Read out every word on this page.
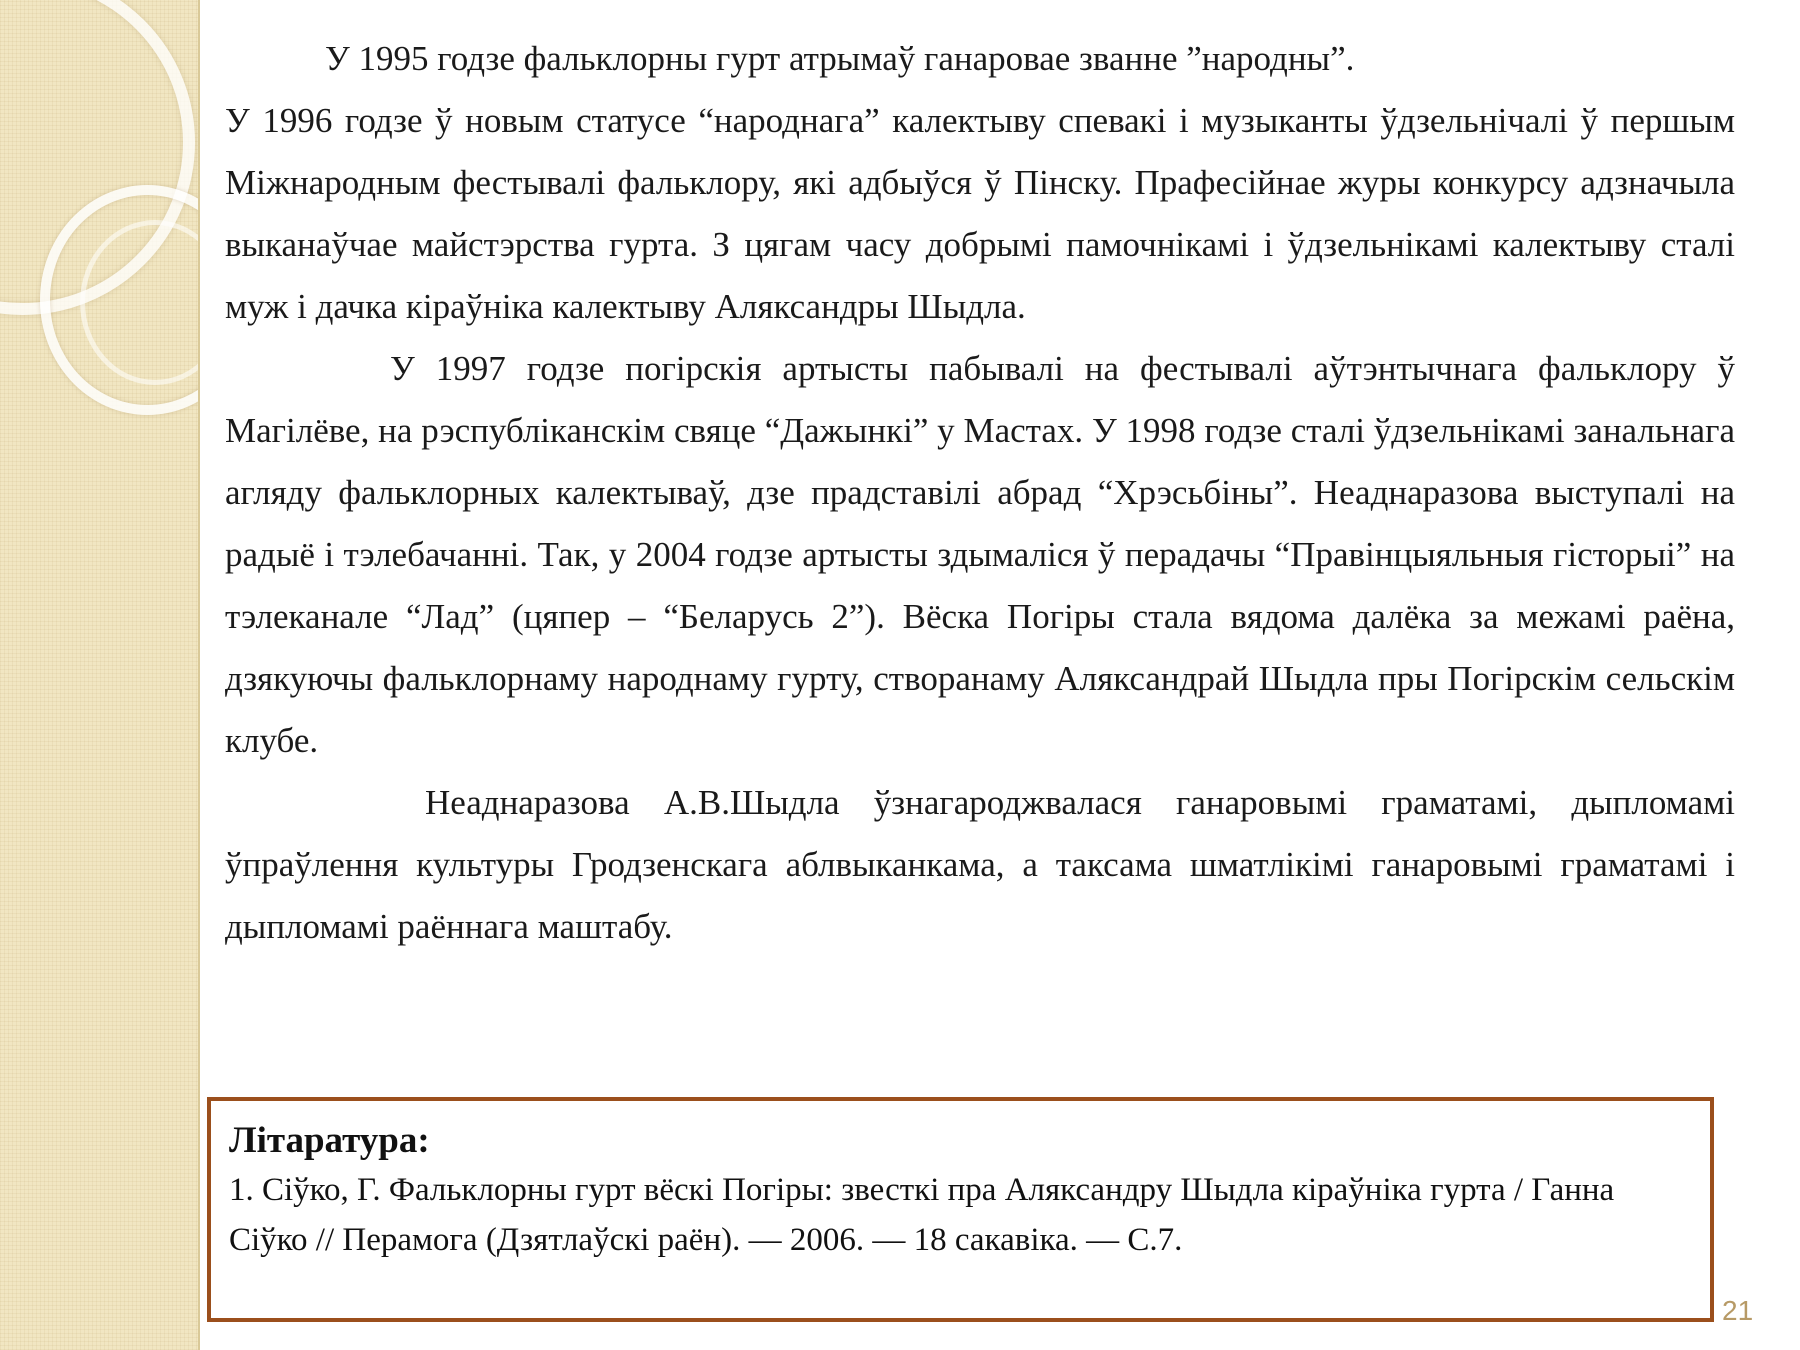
У 1995 годзе фальклорны гурт атрымаў ганаровае званне ”народны”.

У 1996 годзе ў новым статусе “народнага” калектыву спевакі і музыканты ўдзельнічалі ў першым Міжнародным фестывалі фальклору, які адбыўся ў Пінску. Прафесійнае журы конкурсу адзначыла выканаўчае майстэрства гурта. З цягам часу добрымі памочнікамі і ўдзельнікамі калектыву сталі муж і дачка кіраўніка калектыву Аляксандры Шыдла.

У 1997 годзе погірскія артысты пабывалі на фестывалі аўтэнтычнага фальклору ў Магілёве, на рэспубліканскім свяце “Дажынкі” у Мастах. У 1998 годзе сталі ўдзельнікамі занальнага агляду фальклорных калектываў, дзе прадставілі абрад “Хрэсьбіны”. Неаднаразова выступалі на радыё і тэлебачанні. Так, у 2004 годзе артысты здымаліся ў перадачы “Правінцыяльныя гісторыі” на тэлеканале “Лад” (цяпер – “Беларусь 2”). Вёска Погіры стала вядома далёка за межамі раёна, дзякуючы фальклорнаму народнаму гурту, створанаму Аляксандрай Шыдла пры Погірскім сельскім клубе.

Неаднаразова А.В.Шыдла ўзнагароджвалася ганаровымі граматамі, дыпломамі ўпраўлення культуры Гродзенскага аблвыканкама, а таксама шматлікімі ганаровымі граматамі і дыпломамі раённага маштабу.

Літаратура:
1. Сіўко, Г. Фальклорны гурт вёскі Погіры: звесткі пра Аляксандру Шыдла кіраўніка гурта / Ганна Сіўко // Перамога (Дзятлаўскі раён). — 2006. — 18 сакавіка. — С.7.
21
